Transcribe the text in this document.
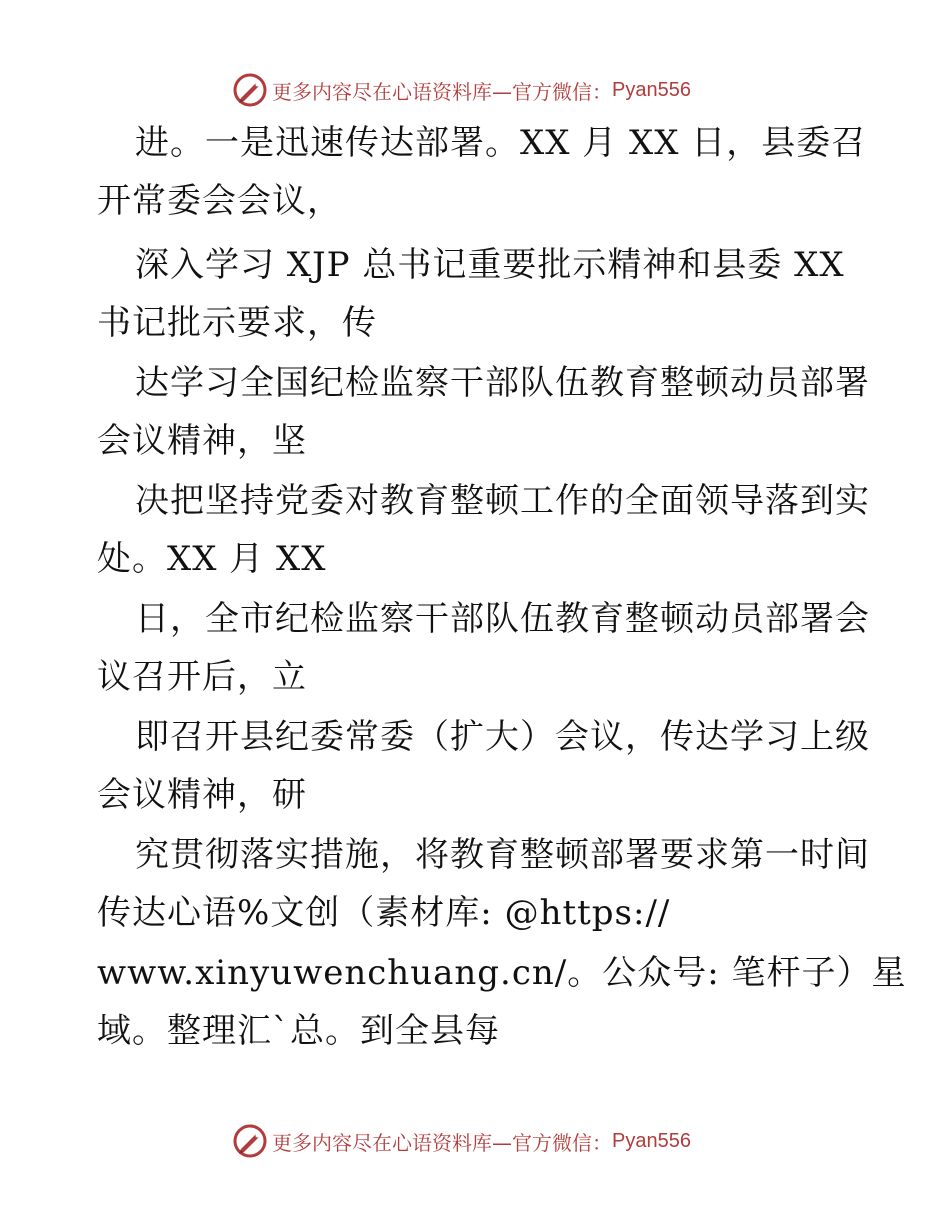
更多内容尽在心语资料库—官方微信： Pyan556
进。一是迅速传达部署。XX 月 XX 日，县委召
开常委会会议，
深入学习 XJP 总书记重要批示精神和县委 XX
书记批示要求，传
达学习全国纪检监察干部队伍教育整顿动员部署
会议精神，坚
决把坚持党委对教育整顿工作的全面领导落到实
处。XX 月 XX
日，全市纪检监察干部队伍教育整顿动员部署会
议召开后，立
即召开县纪委常委（扩大）会议，传达学习上级
会议精神，研
究贯彻落实措施，将教育整顿部署要求第一时间
传达心语%文创（素材库: @https://
www.xinyuwenchuang.cn/。公众号: 笔杆子）星
域。整理汇`总。到全县每
更多内容尽在心语资料库—官方微信： Pyan556
